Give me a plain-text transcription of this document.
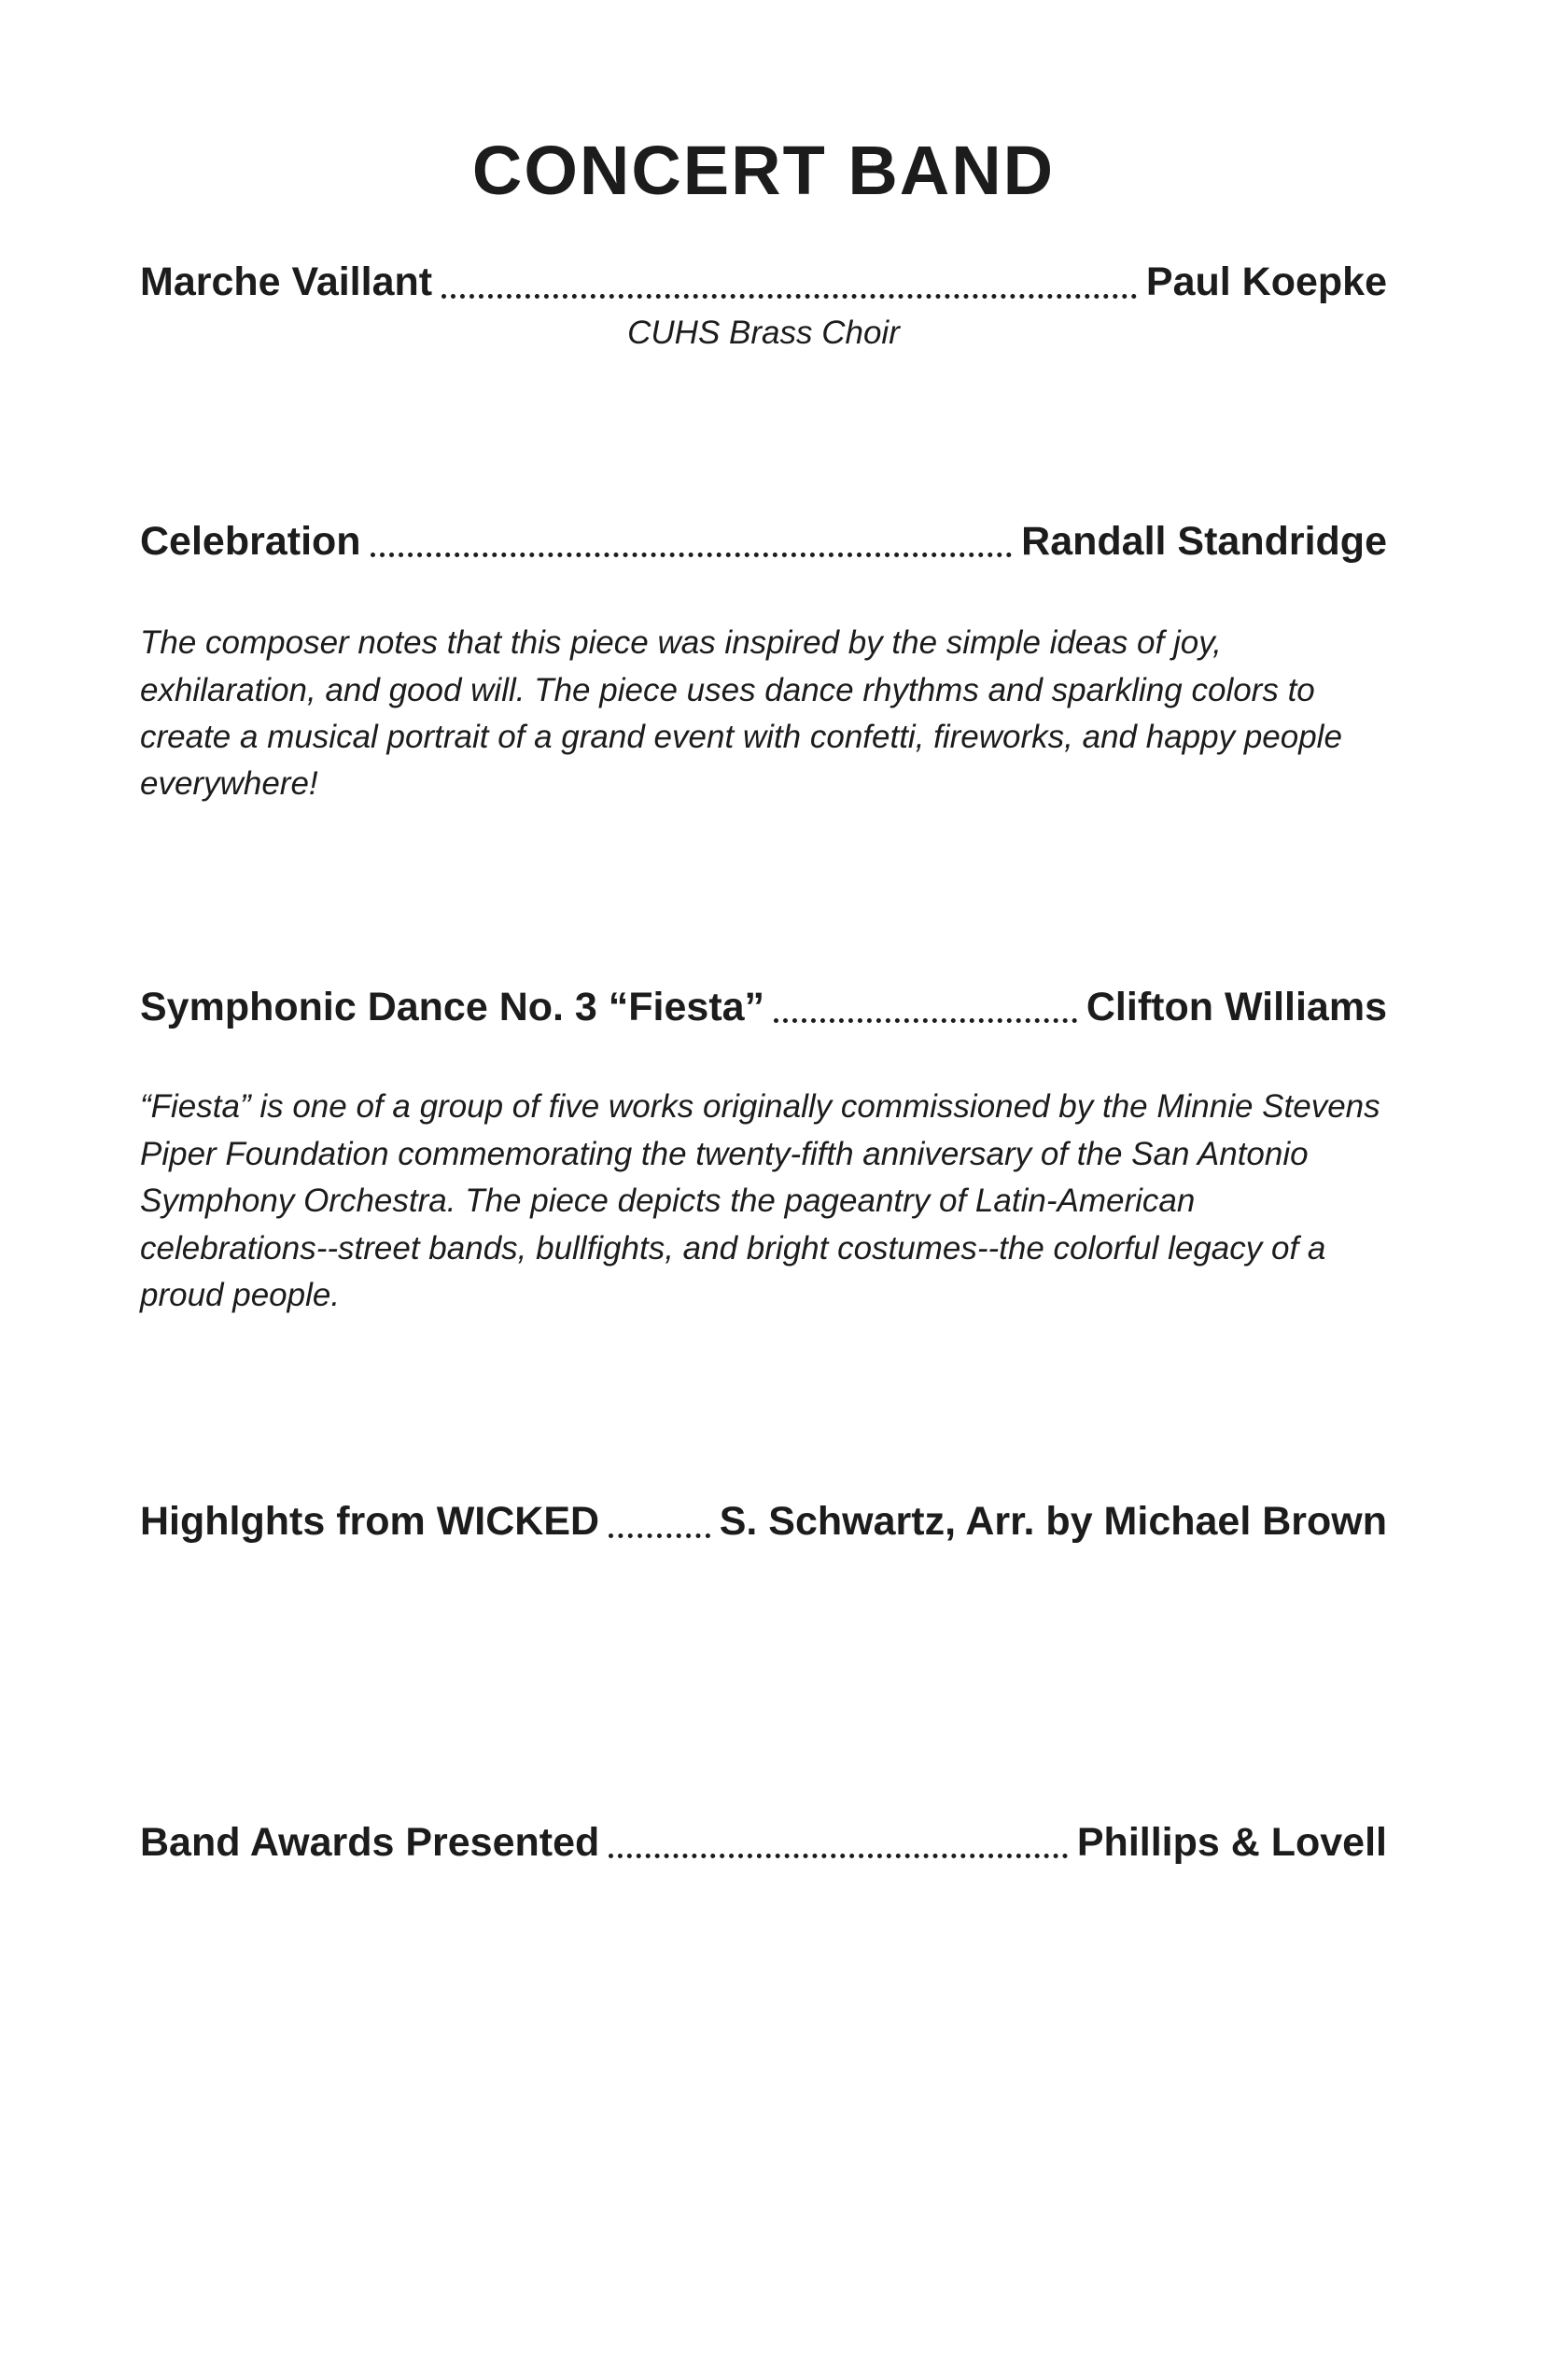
CONCERT BAND
Marche Vaillant	Paul Koepke
CUHS Brass Choir
Celebration	Randall Standridge

The composer notes that this piece was inspired by the simple ideas of joy, exhilaration, and good will. The piece uses dance rhythms and sparkling colors to create a musical portrait of a grand event with confetti, fireworks, and happy people everywhere!

Symphonic Dance No. 3 “Fiesta”	Clifton Williams

“Fiesta” is one of a group of five works originally commissioned by the Minnie Stevens Piper Foundation commemorating the twenty-fifth anniversary of the San Antonio Symphony Orchestra. The piece depicts the pageantry of Latin-American celebrations--street bands, bullfights, and bright costumes--the colorful legacy of a proud people.

Highlghts from WICKED	S. Schwartz, Arr. by Michael Brown
Band Awards Presented	Phillips & Lovell
